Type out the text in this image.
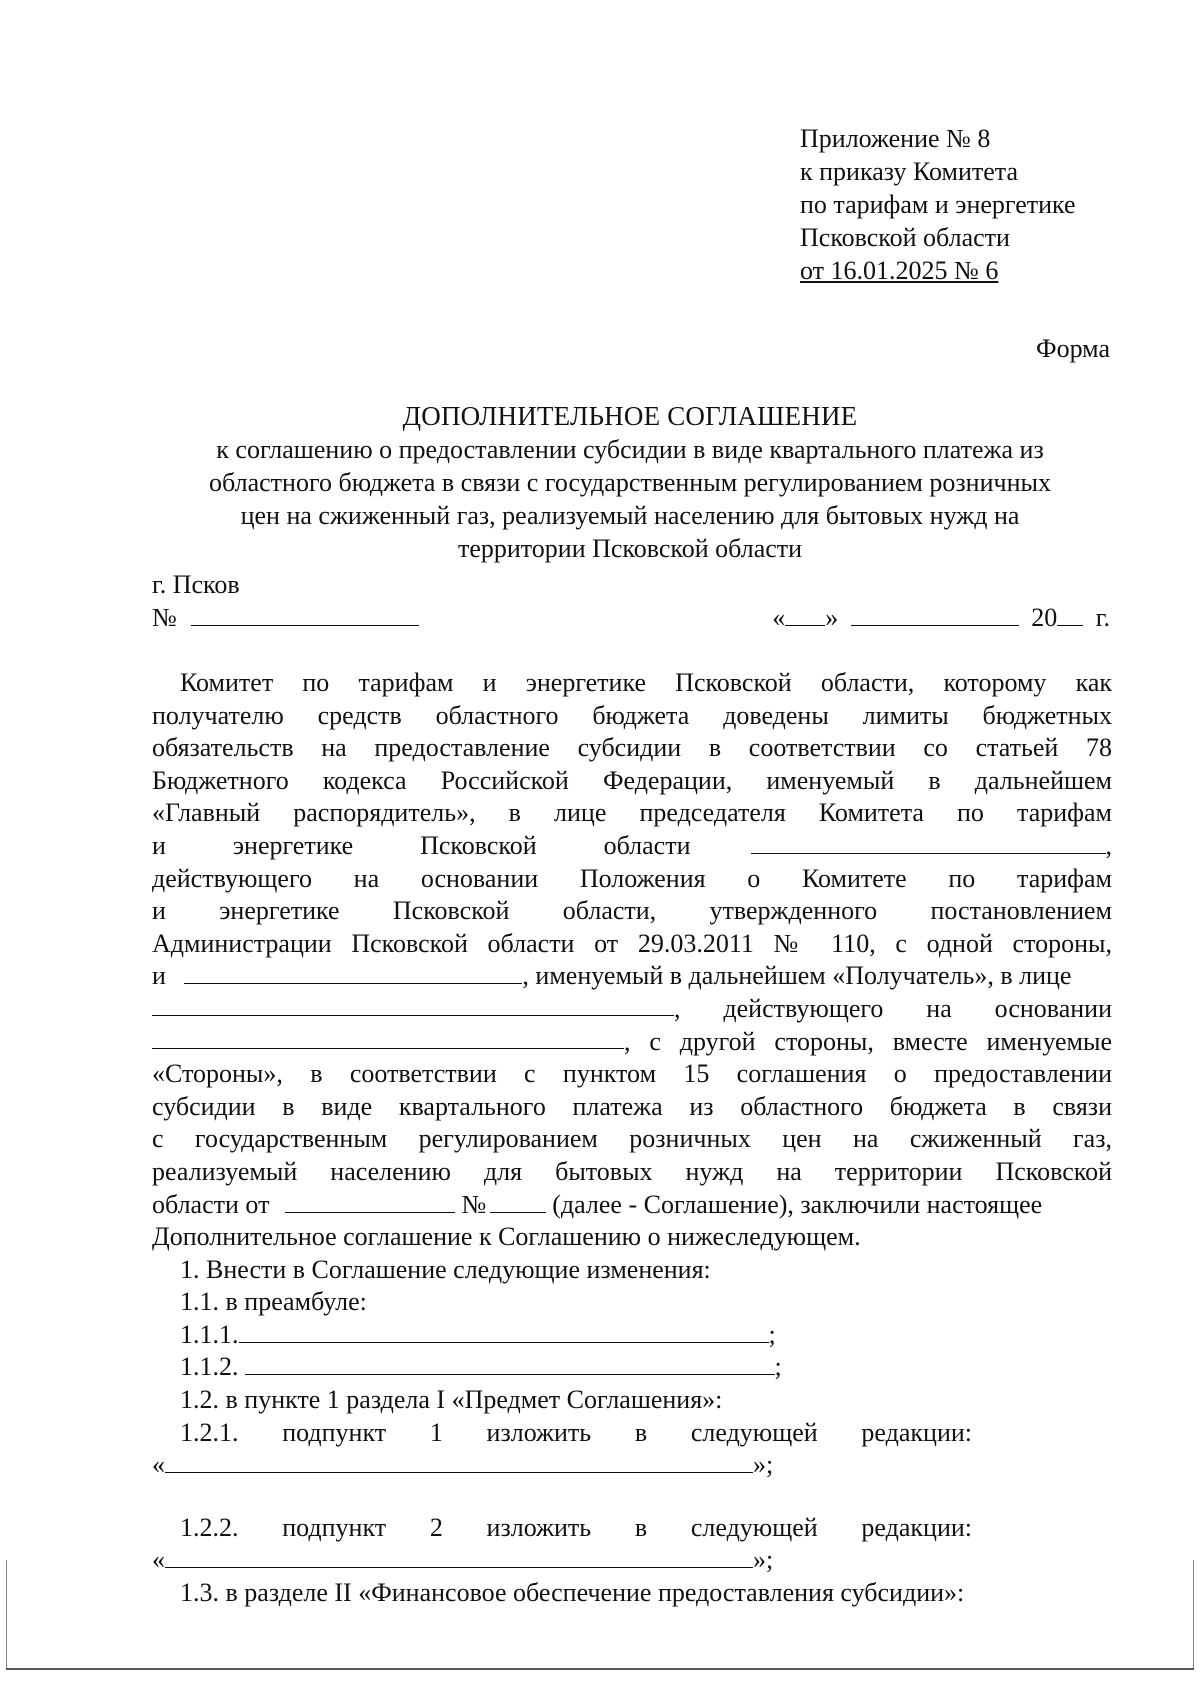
Приложение № 8
к приказу Комитета
по тарифам и энергетике
Псковской области
от 16.01.2025 № 6
Форма
ДОПОЛНИТЕЛЬНОЕ СОГЛАШЕНИЕ
к соглашению о предоставлении субсидии в виде квартального платежа из
областного бюджета в связи с государственным регулированием розничных
цен на сжиженный газ, реализуемый населению для бытовых нужд на
территории Псковской области
г. Псков
№	« »	20 г.
Комитет по тарифам и энергетике Псковской области, которому как
получателю средств областного бюджета доведены лимиты бюджетных
обязательств на предоставление субсидии в соответствии со статьей 78
Бюджетного кодекса Российской Федерации, именуемый в дальнейшем
«Главный распорядитель», в лице председателя Комитета по тарифам
и энергетике Псковской области	,
действующего на основании Положения о Комитете по тарифам
и энергетике Псковской области, утвержденного постановлением
Администрации Псковской области от 29.03.2011 № 110, с одной стороны,
и	, именуемый в дальнейшем «Получатель», в лице
, действующего на основании
, с другой стороны, вместе именуемые
«Стороны», в соответствии с пунктом 15 соглашения о предоставлении
субсидии в виде квартального платежа из областного бюджета в связи
с государственным регулированием розничных цен на сжиженный газ,
реализуемый населению для бытовых нужд на территории Псковской
области от	№	(далее - Соглашение), заключили настоящее
Дополнительное соглашение к Соглашению о нижеследующем.
1. Внести в Соглашение следующие изменения:
1.1. в преамбуле:
1.1.1.	;
1.1.2.	;
1.2. в пункте 1 раздела I «Предмет Соглашения»:
1.2.1. подпункт 1 изложить в следующей редакции:
«	»;
1.2.2. подпункт 2 изложить в следующей редакции:
«	»;
1.3. в разделе II «Финансовое обеспечение предоставления субсидии»:
